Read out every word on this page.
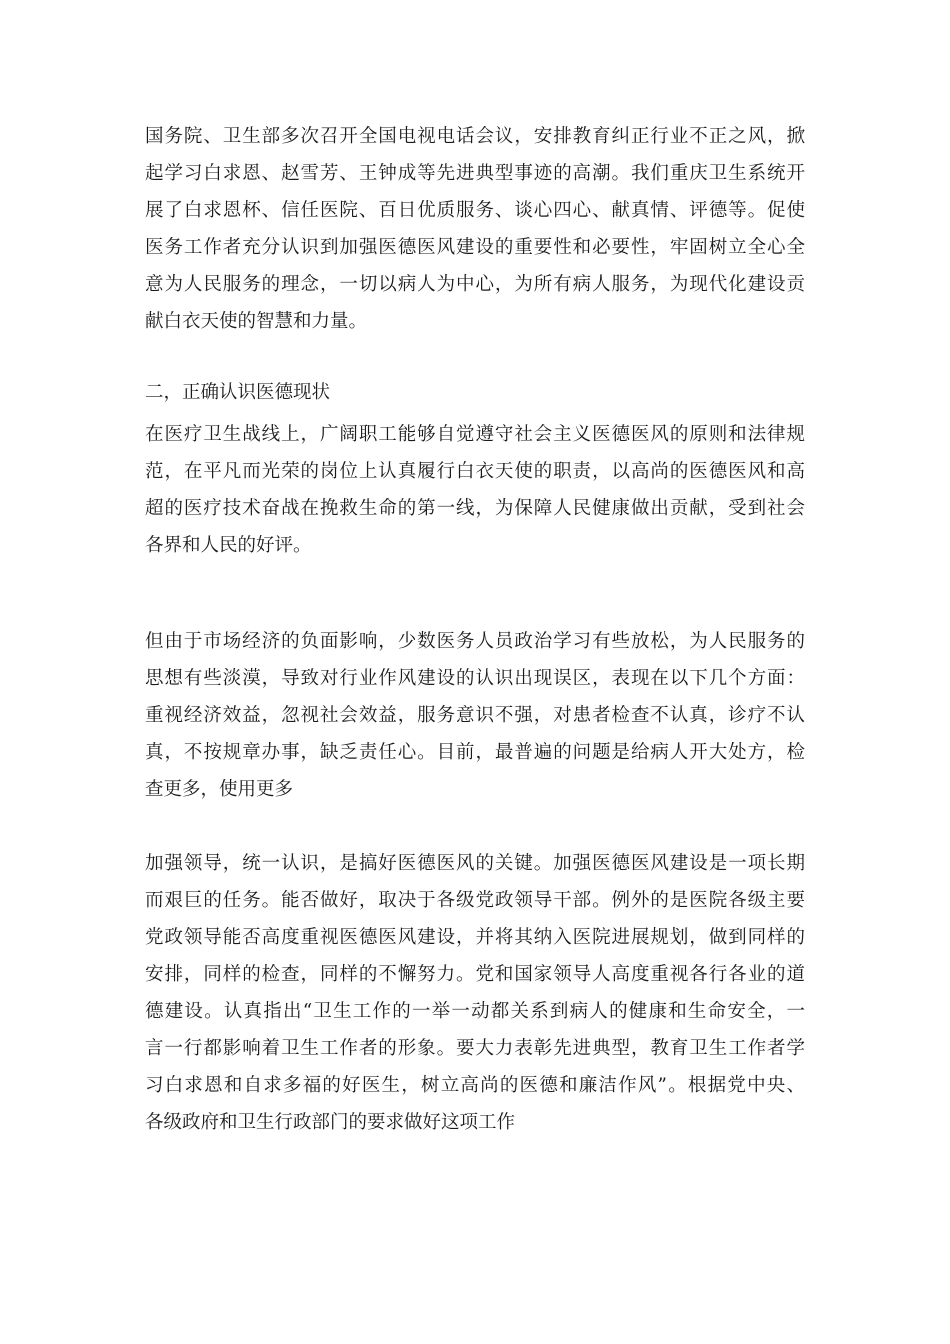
国务院、卫生部多次召开全国电视电话会议，安排教育纠正行业不正之风，掀
起学习白求恩、赵雪芳、王钟成等先进典型事迹的高潮。我们重庆卫生系统开
展了白求恩杯、信任医院、百日优质服务、谈心四心、献真情、评德等。促使
医务工作者充分认识到加强医德医风建设的重要性和必要性，牢固树立全心全
意为人民服务的理念，一切以病人为中心，为所有病人服务，为现代化建设贡
献白衣天使的智慧和力量。
二，正确认识医德现状
在医疗卫生战线上，广阔职工能够自觉遵守社会主义医德医风的原则和法律规
范，在平凡而光荣的岗位上认真履行白衣天使的职责，以高尚的医德医风和高
超的医疗技术奋战在挽救生命的第一线，为保障人民健康做出贡献，受到社会
各界和人民的好评。
但由于市场经济的负面影响，少数医务人员政治学习有些放松，为人民服务的
思想有些淡漠，导致对行业作风建设的认识出现误区，表现在以下几个方面：
重视经济效益，忽视社会效益，服务意识不强，对患者检查不认真，诊疗不认
真，不按规章办事，缺乏责任心。目前，最普遍的问题是给病人开大处方，检
查更多，使用更多
加强领导，统一认识，是搞好医德医风的关键。加强医德医风建设是一项长期
而艰巨的任务。能否做好，取决于各级党政领导干部。例外的是医院各级主要
党政领导能否高度重视医德医风建设，并将其纳入医院进展规划，做到同样的
安排，同样的检查，同样的不懈努力。党和国家领导人高度重视各行各业的道
德建设。认真指出“卫生工作的一举一动都关系到病人的健康和生命安全，一
言一行都影响着卫生工作者的形象。要大力表彰先进典型，教育卫生工作者学
习白求恩和自求多福的好医生，树立高尚的医德和廉洁作风”。根据党中央、
各级政府和卫生行政部门的要求做好这项工作
